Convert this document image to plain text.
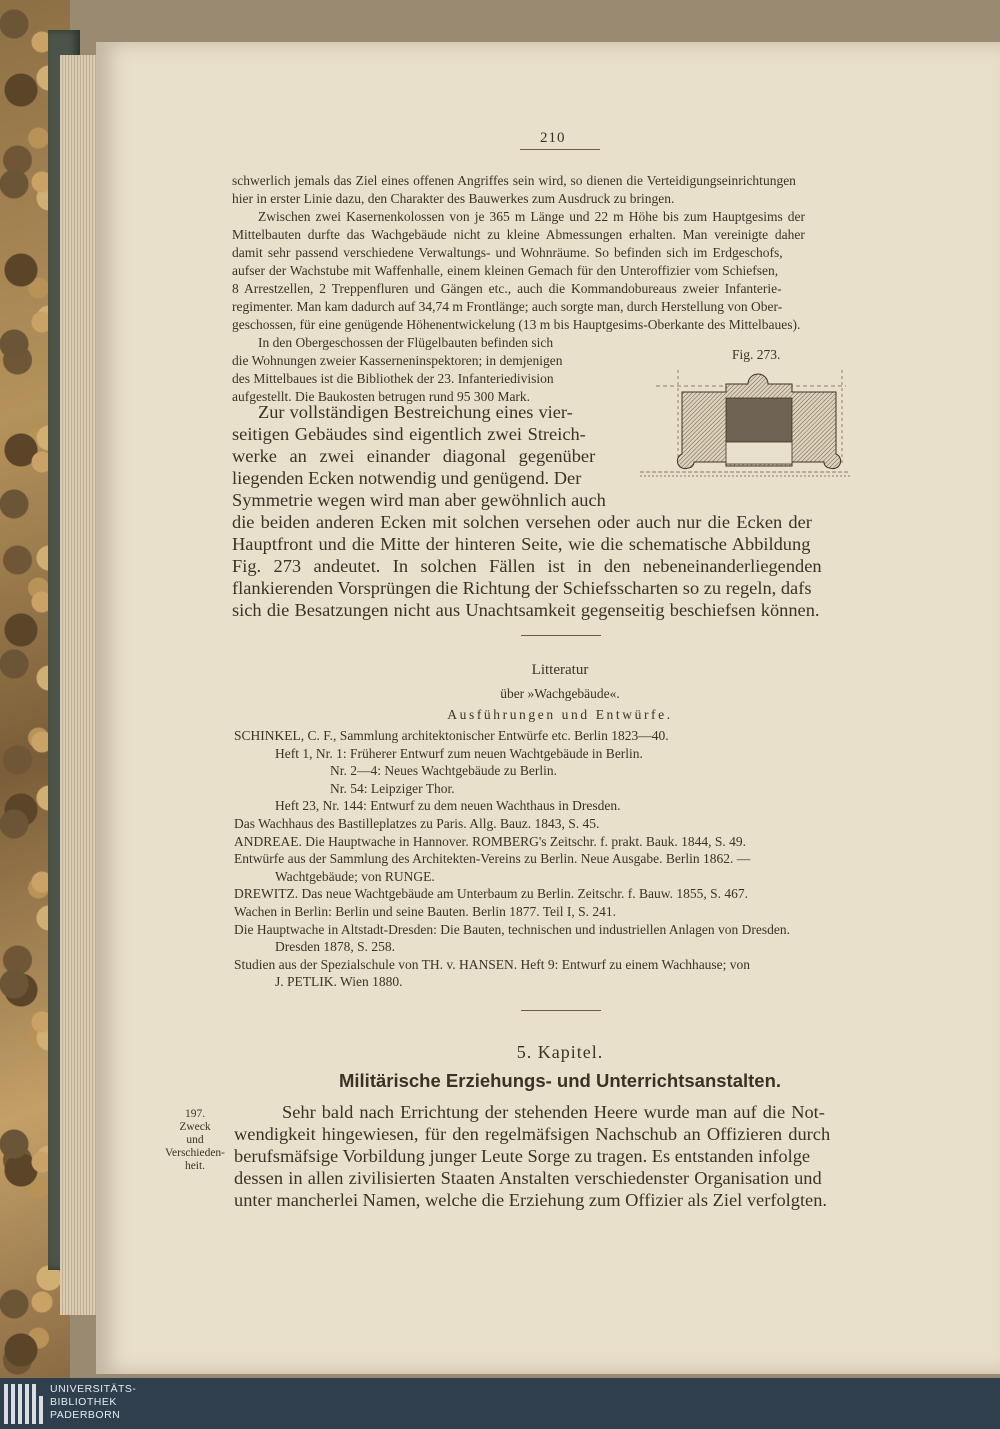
210
schwerlich jemals das Ziel eines offenen Angriffes sein wird, so dienen die Verteidigungseinrichtungen
hier in erster Linie dazu, den Charakter des Bauwerkes zum Ausdruck zu bringen.
Zwischen zwei Kasernenkolossen von je 365 m Länge und 22 m Höhe bis zum Hauptgesims der
Mittelbauten durfte das Wachgebäude nicht zu kleine Abmessungen erhalten. Man vereinigte daher
damit sehr passend verschiedene Verwaltungs- und Wohnräume. So befinden sich im Erdgeschofs,
aufser der Wachstube mit Waffenhalle, einem kleinen Gemach für den Unteroffizier vom Schiefsen,
8 Arrestzellen, 2 Treppenfluren und Gängen etc., auch die Kommandobureaus zweier Infanterie-
regimenter. Man kam dadurch auf 34,74 m Frontlänge; auch sorgte man, durch Herstellung von Ober-
geschossen, für eine genügende Höhenentwickelung (13 m bis Hauptgesims-Oberkante des Mittelbaues).
In den Obergeschossen der Flügelbauten befinden sich
die Wohnungen zweier Kasserneninspektoren; in demjenigen
des Mittelbaues ist die Bibliothek der 23. Infanteriedivision
aufgestellt. Die Baukosten betrugen rund 95 300 Mark.
Fig. 273.
Zur vollständigen Bestreichung eines vier-
seitigen Gebäudes sind eigentlich zwei Streich-
werke an zwei einander diagonal gegenüber
liegenden Ecken notwendig und genügend. Der
Symmetrie wegen wird man aber gewöhnlich auch
die beiden anderen Ecken mit solchen versehen oder auch nur die Ecken der
Hauptfront und die Mitte der hinteren Seite, wie die schematische Abbildung
Fig. 273 andeutet. In solchen Fällen ist in den nebeneinanderliegenden
flankierenden Vorsprüngen die Richtung der Schiefsscharten so zu regeln, dafs
sich die Besatzungen nicht aus Unachtsamkeit gegenseitig beschiefsen können.
Litteratur
über »Wachgebäude«.
Ausführungen und Entwürfe.
SCHINKEL, C. F., Sammlung architektonischer Entwürfe etc. Berlin 1823—40.
Heft 1, Nr. 1: Früherer Entwurf zum neuen Wachtgebäude in Berlin.
Nr. 2—4: Neues Wachtgebäude zu Berlin.
Nr. 54: Leipziger Thor.
Heft 23, Nr. 144: Entwurf zu dem neuen Wachthaus in Dresden.
Das Wachhaus des Bastilleplatzes zu Paris. Allg. Bauz. 1843, S. 45.
ANDREAE. Die Hauptwache in Hannover. ROMBERG's Zeitschr. f. prakt. Bauk. 1844, S. 49.
Entwürfe aus der Sammlung des Architekten-Vereins zu Berlin. Neue Ausgabe. Berlin 1862. —
Wachtgebäude; von RUNGE.
DREWITZ. Das neue Wachtgebäude am Unterbaum zu Berlin. Zeitschr. f. Bauw. 1855, S. 467.
Wachen in Berlin: Berlin und seine Bauten. Berlin 1877. Teil I, S. 241.
Die Hauptwache in Altstadt-Dresden: Die Bauten, technischen und industriellen Anlagen von Dresden.
Dresden 1878, S. 258.
Studien aus der Spezialschule von TH. v. HANSEN. Heft 9: Entwurf zu einem Wachhause; von
J. PETLIK. Wien 1880.
5. Kapitel.
Militärische Erziehungs- und Unterrichtsanstalten.
197.
Zweck
und
Verschieden-
heit.
Sehr bald nach Errichtung der stehenden Heere wurde man auf die Not-
wendigkeit hingewiesen, für den regelmäfsigen Nachschub an Offizieren durch
berufsmäfsige Vorbildung junger Leute Sorge zu tragen. Es entstanden infolge
dessen in allen zivilisierten Staaten Anstalten verschiedenster Organisation und
unter mancherlei Namen, welche die Erziehung zum Offizier als Ziel verfolgten.
UNIVERSITÄTS-
BIBLIOTHEK
PADERBORN
